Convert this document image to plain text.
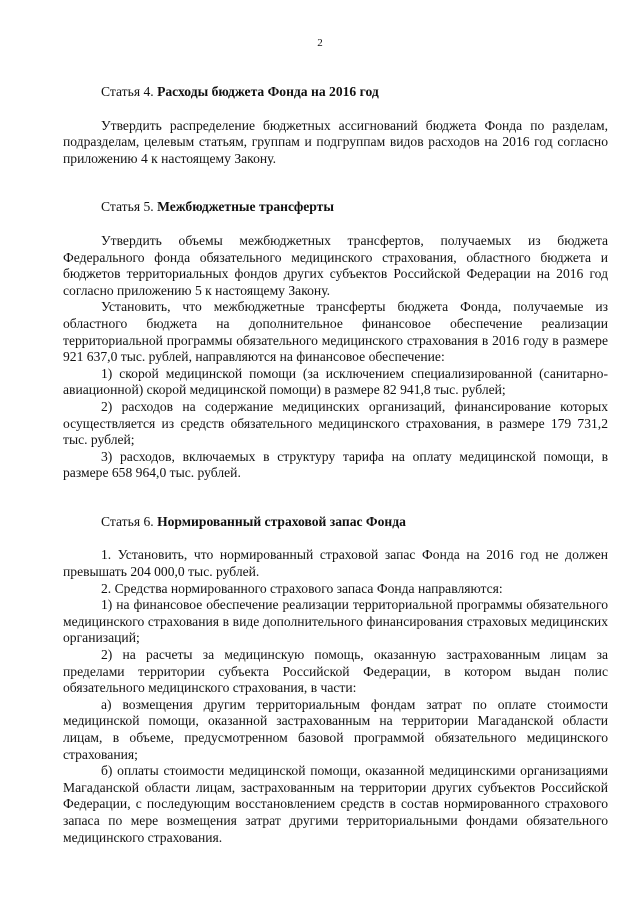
2
Статья 4. Расходы бюджета Фонда на 2016 год

Утвердить распределение бюджетных ассигнований бюджета Фонда по разделам, подразделам, целевым статьям, группам и подгруппам видов расходов на 2016 год согласно приложению 4 к настоящему Закону.

Статья 5. Межбюджетные трансферты

Утвердить объемы межбюджетных трансфертов, получаемых из бюджета Федерального фонда обязательного медицинского страхования, областного бюджета и бюджетов территориальных фондов других субъектов Российской Федерации на 2016 год согласно приложению 5 к настоящему Закону.

Установить, что межбюджетные трансферты бюджета Фонда, получаемые из областного бюджета на дополнительное финансовое обеспечение реализации территориальной программы обязательного медицинского страхования в 2016 году в размере 921 637,0 тыс. рублей, направляются на финансовое обеспечение:

1) скорой медицинской помощи (за исключением специализированной (санитарно-авиационной) скорой медицинской помощи) в размере 82 941,8 тыс. рублей;

2) расходов на содержание медицинских организаций, финансирование которых осуществляется из средств обязательного медицинского страхования, в размере 179 731,2 тыс. рублей;

3) расходов, включаемых в структуру тарифа на оплату медицинской помощи, в размере 658 964,0 тыс. рублей.

Статья 6. Нормированный страховой запас Фонда

1. Установить, что нормированный страховой запас Фонда на 2016 год не должен превышать 204 000,0 тыс. рублей.

2. Средства нормированного страхового запаса Фонда направляются:

1) на финансовое обеспечение реализации территориальной программы обязательного медицинского страхования в виде дополнительного финансирования страховых медицинских организаций;

2) на расчеты за медицинскую помощь, оказанную застрахованным лицам за пределами территории субъекта Российской Федерации, в котором выдан полис обязательного медицинского страхования, в части:

а) возмещения другим территориальным фондам затрат по оплате стоимости медицинской помощи, оказанной застрахованным на территории Магаданской области лицам, в объеме, предусмотренном базовой программой обязательного медицинского страхования;

б) оплаты стоимости медицинской помощи, оказанной медицинскими организациями Магаданской области лицам, застрахованным на территории других субъектов Российской Федерации, с последующим восстановлением средств в состав нормированного страхового запаса по мере возмещения затрат другими территориальными фондами обязательного медицинского страхования.
